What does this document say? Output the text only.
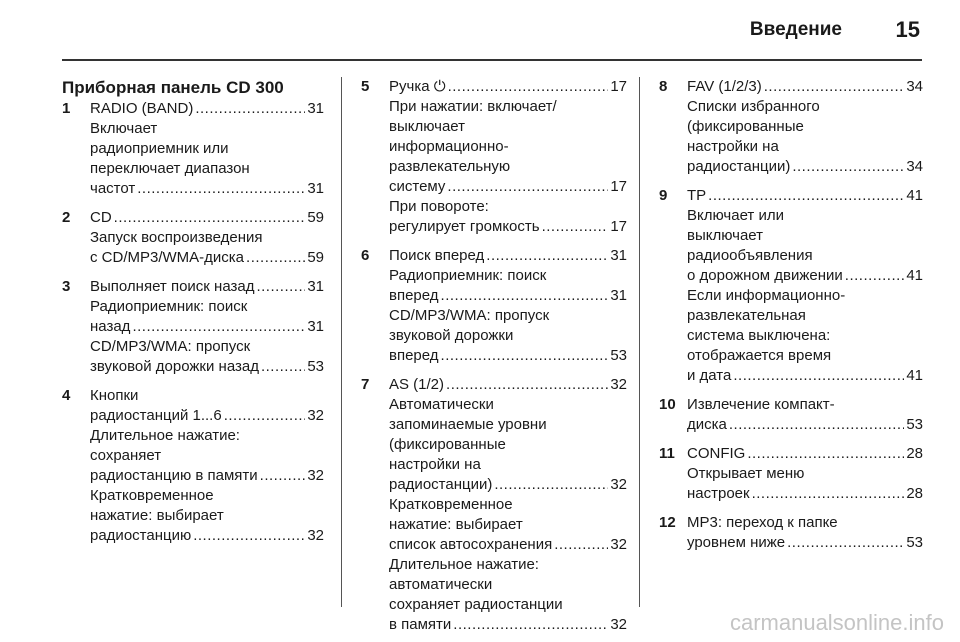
Введение 15
Приборная панель CD 300
1	RADIO (BAND) .....	31
Включает
радиоприемник или
переключает диапазон
частот .....	31
2	CD .....	59
Запуск воспроизведения
с CD/MP3/WMA-диска .....	59
3	Выполняет поиск назад .....	31
Радиоприемник: поиск
назад .....	31
CD/MP3/WMA: пропуск
звуковой дорожки назад .....	53
4	Кнопки
радиостанций 1...6 .....	32
Длительное нажатие:
сохраняет
радиостанцию в памяти .....	32
Кратковременное
нажатие: выбирает
радиостанцию .....	32
5	Ручка ⏻ .....	17
При нажатии: включает/
выключает
информационно-
развлекательную
систему .....	17
При повороте:
регулирует громкость .....	17
6	Поиск вперед .....	31
Радиоприемник: поиск
вперед .....	31
CD/MP3/WMA: пропуск
звуковой дорожки
вперед .....	53
7	AS (1/2) .....	32
Автоматически
запоминаемые уровни
(фиксированные
настройки на
радиостанции) .....	32
Кратковременное
нажатие: выбирает
список автосохранения .....	32
Длительное нажатие:
автоматически
сохраняет радиостанции
в памяти .....	32
8	FAV (1/2/3) .....	34
Списки избранного
(фиксированные
настройки на
радиостанции) .....	34
9	TP .....	41
Включает или
выключает
радиообъявления
о дорожном движении .....	41
Если информационно-
развлекательная
система выключена:
отображается время
и дата .....	41
10 Извлечение компакт-
диска .....	53
11 CONFIG .....	28
Открывает меню
настроек .....	28
12 MP3: переход к папке
уровнем ниже .....	53
carmanualsonline.info
